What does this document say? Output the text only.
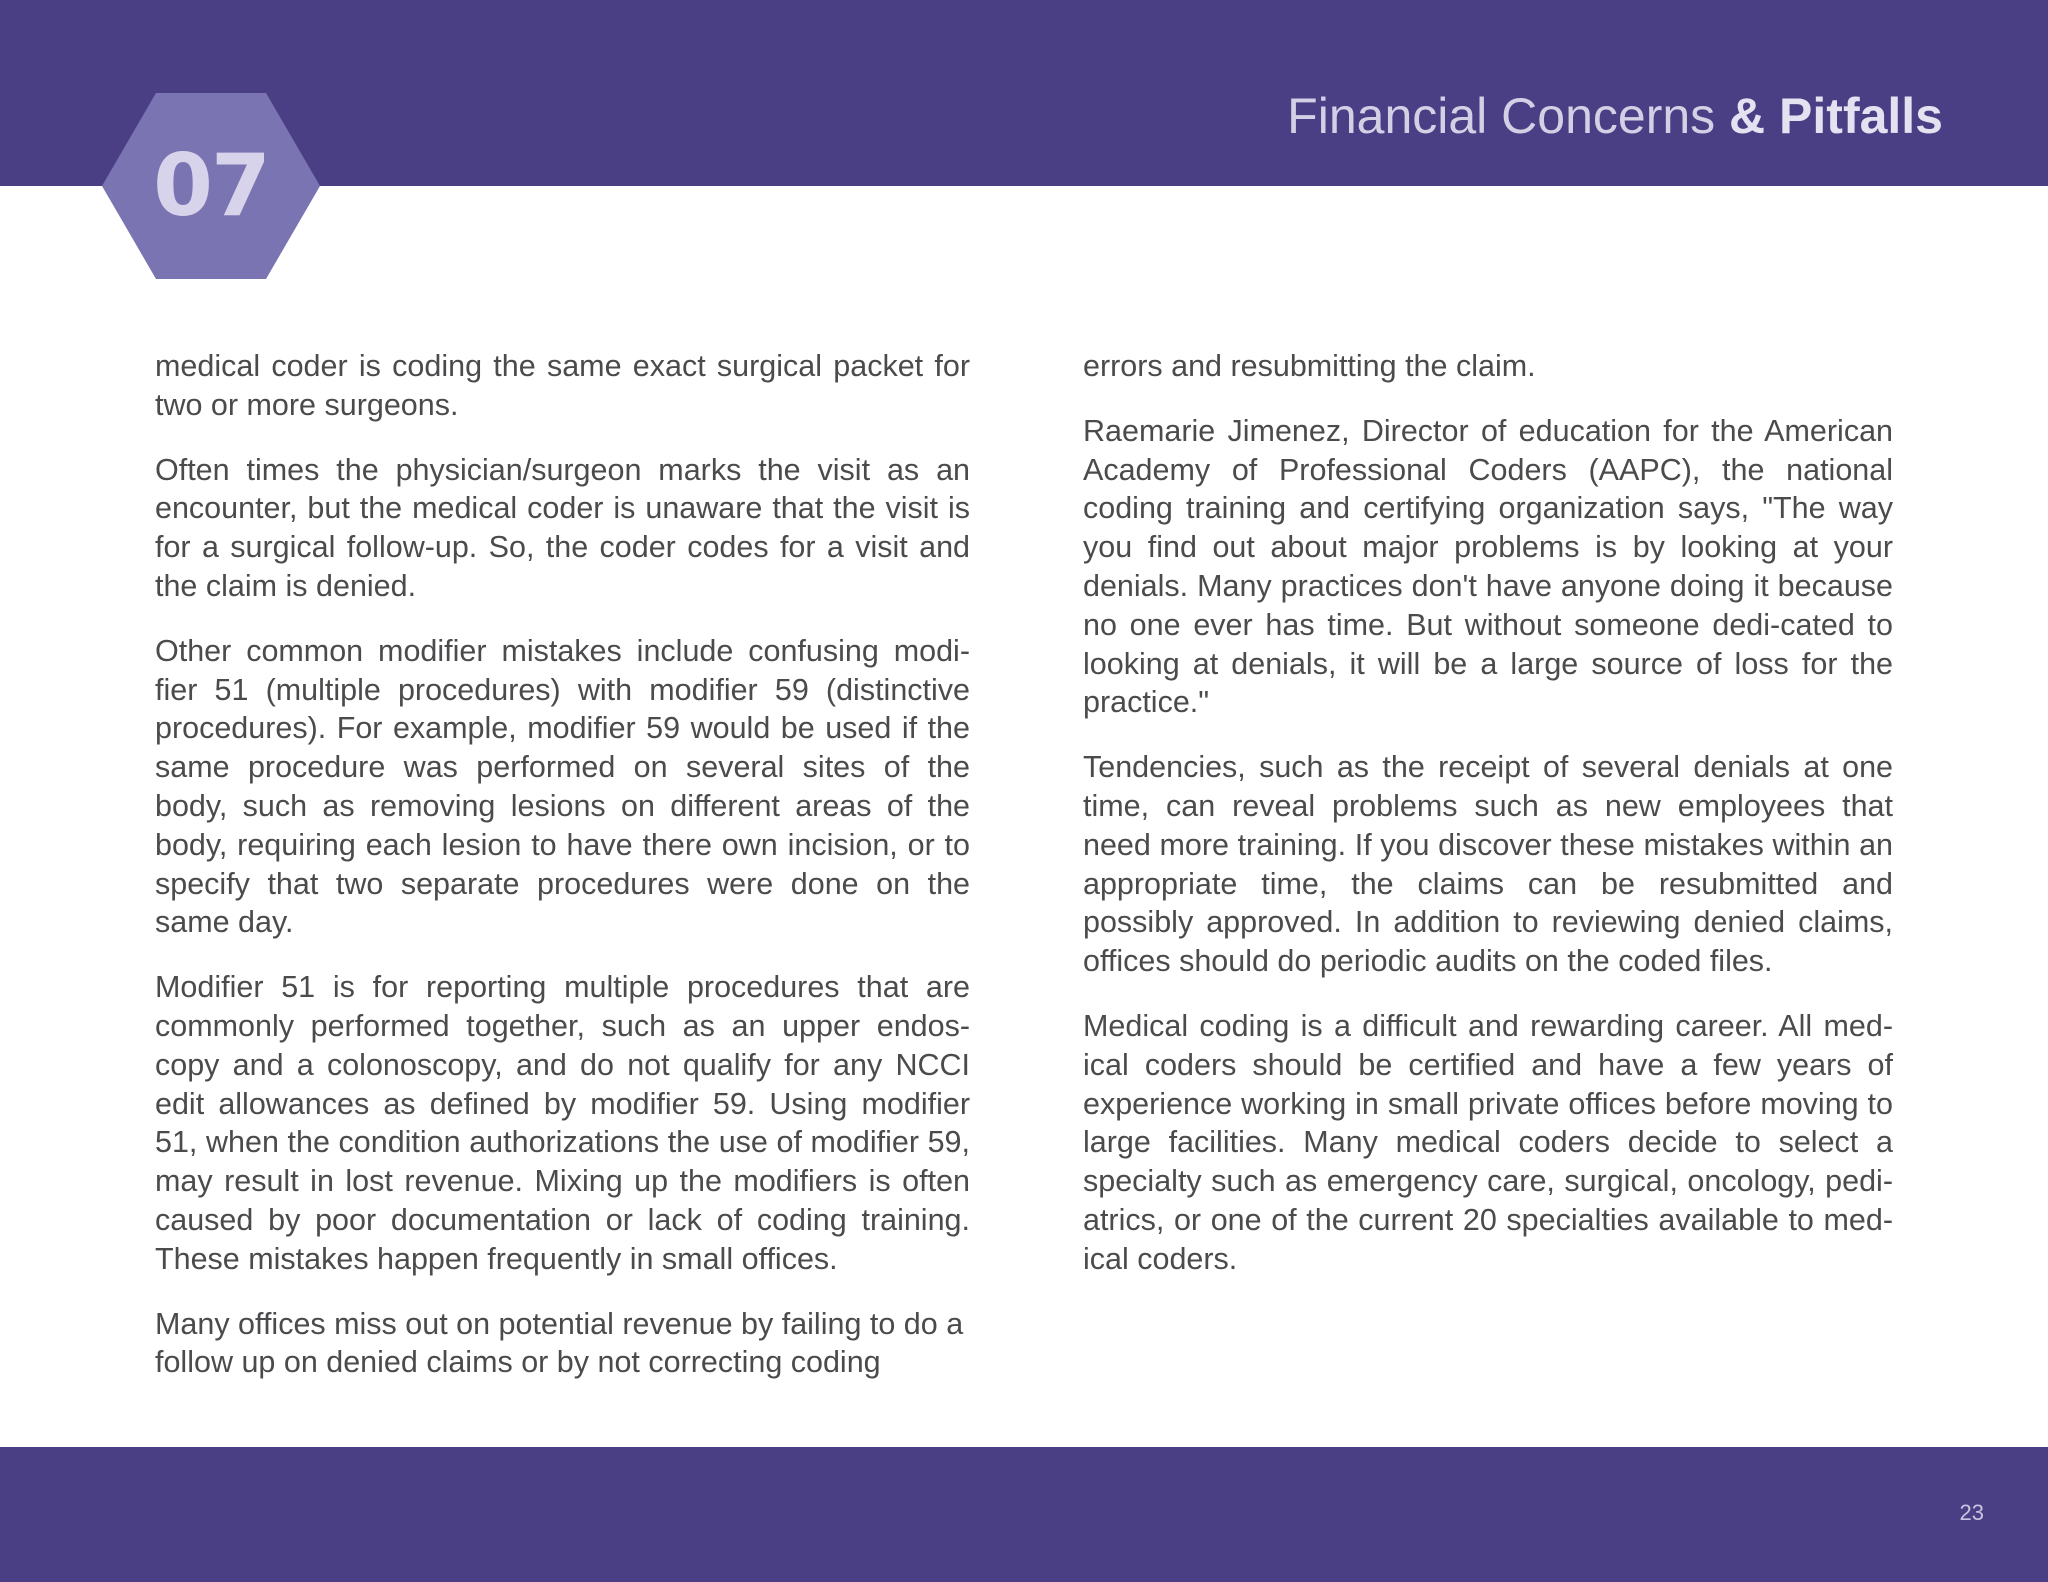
Financial Concerns & Pitfalls
07

medical coder is coding the same exact surgical packet for two or more surgeons.

Often times the physician/surgeon marks the visit as an encounter, but the medical coder is unaware that the visit is for a surgical follow-up. So, the coder codes for a visit and the claim is denied.

Other common modifier mistakes include confusing modi-fier 51 (multiple procedures) with modifier 59 (distinctive procedures). For example, modifier 59 would be used if the same procedure was performed on several sites of the body, such as removing lesions on different areas of the body, requiring each lesion to have there own incision, or to specify that two separate procedures were done on the same day.

Modifier 51 is for reporting multiple procedures that are commonly performed together, such as an upper endos-copy and a colonoscopy, and do not qualify for any NCCI edit allowances as defined by modifier 59. Using modifier 51, when the condition authorizations the use of modifier 59, may result in lost revenue. Mixing up the modifiers is often caused by poor documentation or lack of coding training. These mistakes happen frequently in small offices.

Many offices miss out on potential revenue by failing to do a follow up on denied claims or by not correcting coding

errors and resubmitting the claim.

Raemarie Jimenez, Director of education for the American Academy of Professional Coders (AAPC), the national coding training and certifying organization says, "The way you find out about major problems is by looking at your denials. Many practices don't have anyone doing it because no one ever has time. But without someone dedi-cated to looking at denials, it will be a large source of loss for the practice."

Tendencies, such as the receipt of several denials at one time, can reveal problems such as new employees that need more training. If you discover these mistakes within an appropriate time, the claims can be resubmitted and possibly approved. In addition to reviewing denied claims, offices should do periodic audits on the coded files.

Medical coding is a difficult and rewarding career. All med-ical coders should be certified and have a few years of experience working in small private offices before moving to large facilities. Many medical coders decide to select a specialty such as emergency care, surgical, oncology, pedi-atrics, or one of the current 20 specialties available to med-ical coders.

23
